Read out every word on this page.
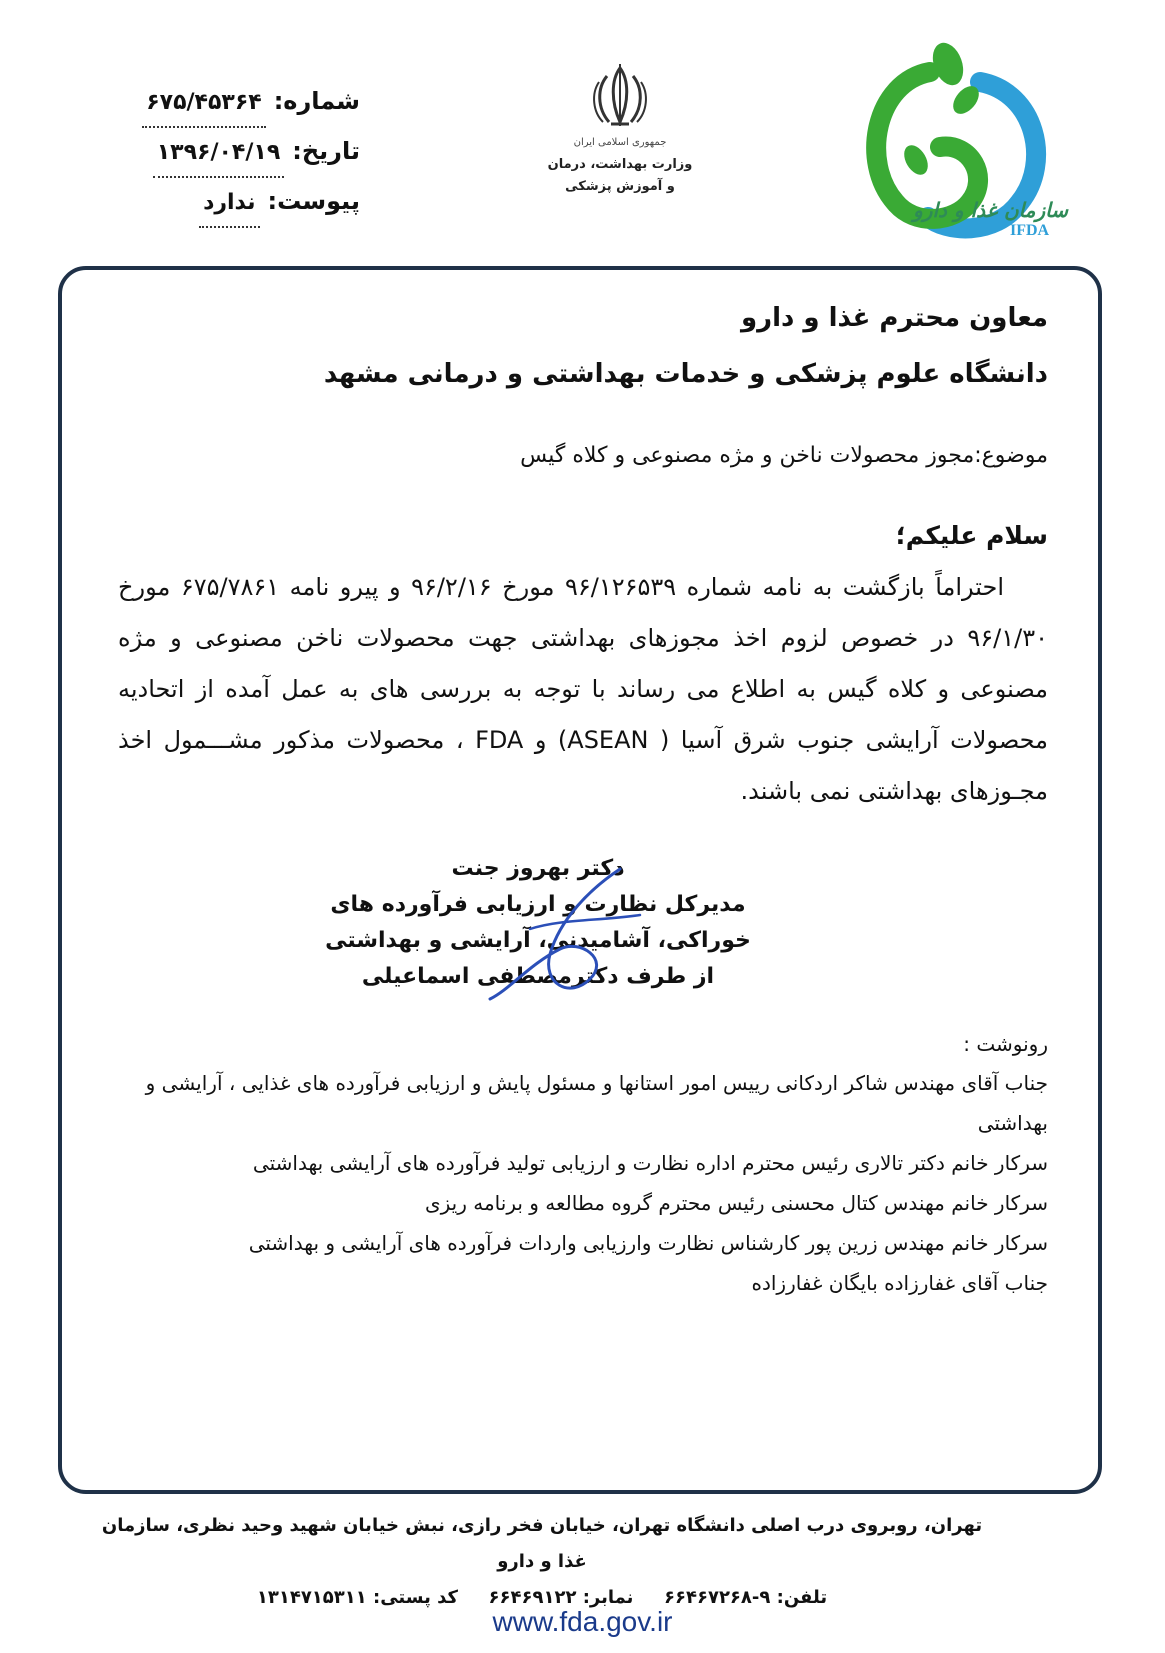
شماره:
۶۷۵/۴۵۳۶۴
تاریخ:
۱۳۹۶/۰۴/۱۹
پیوست:
ندارد
جمهوری اسلامی ایران
وزارت بهداشت، درمان
و آموزش پزشکی
سازمان غذا و دارو
IFDA
معاون محترم غذا و دارو
دانشگاه علوم پزشکی و خدمات بهداشتی و درمانی مشهد
موضوع:مجوز محصولات ناخن و مژه مصنوعی و کلاه گیس
سلام علیکم؛
احتراماً بازگشت به نامه شماره ۹۶/۱۲۶۵۳۹ مورخ ۹۶/۲/۱۶ و پیرو نامه ۶۷۵/۷۸۶۱ مورخ ۹۶/۱/۳۰ در خصوص لزوم اخذ مجوزهای بهداشتی جهت محصولات ناخن مصنوعی و مژه مصنوعی و کلاه گیس به اطلاع می رساند با توجه به بررسی های به عمل آمده از اتحادیه محصولات آرایشی جنوب شرق آسیا ( ASEAN) و FDA ، محصولات مذکور مشـــمول اخذ مجـوزهای بهداشتی نمی باشند.
دکتر بهروز جنت
مدیرکل نظارت و ارزیابی فرآورده های
خوراکی، آشامیدنی، آرایشی و بهداشتی
از طرف دکترمصطفی اسماعیلی
رونوشت :
جناب آقای مهندس شاکر اردکانی رییس امور استانها و مسئول پایش و ارزیابی فرآورده های غذایی ، آرایشی و بهداشتی
سرکار خانم دکتر تالاری رئیس محترم اداره نظارت و ارزیابی تولید فرآورده های آرایشی بهداشتی
سرکار خانم مهندس کتال محسنی رئیس محترم گروه مطالعه و برنامه ریزی
سرکار خانم مهندس زرین پور کارشناس نظارت وارزیابی واردات فرآورده های آرایشی و بهداشتی
جناب آقای غفارزاده بایگان غفارزاده
تهران، روبروی درب اصلی دانشگاه تهران، خیابان فخر رازی، نبش خیابان شهید وحید نظری، سازمان غذا و دارو
تلفن: ۹-۶۶۴۶۷۲۶۸  نمابر: ۶۶۴۶۹۱۲۲  کد پستی: ۱۳۱۴۷۱۵۳۱۱
www.fda.gov.ir
